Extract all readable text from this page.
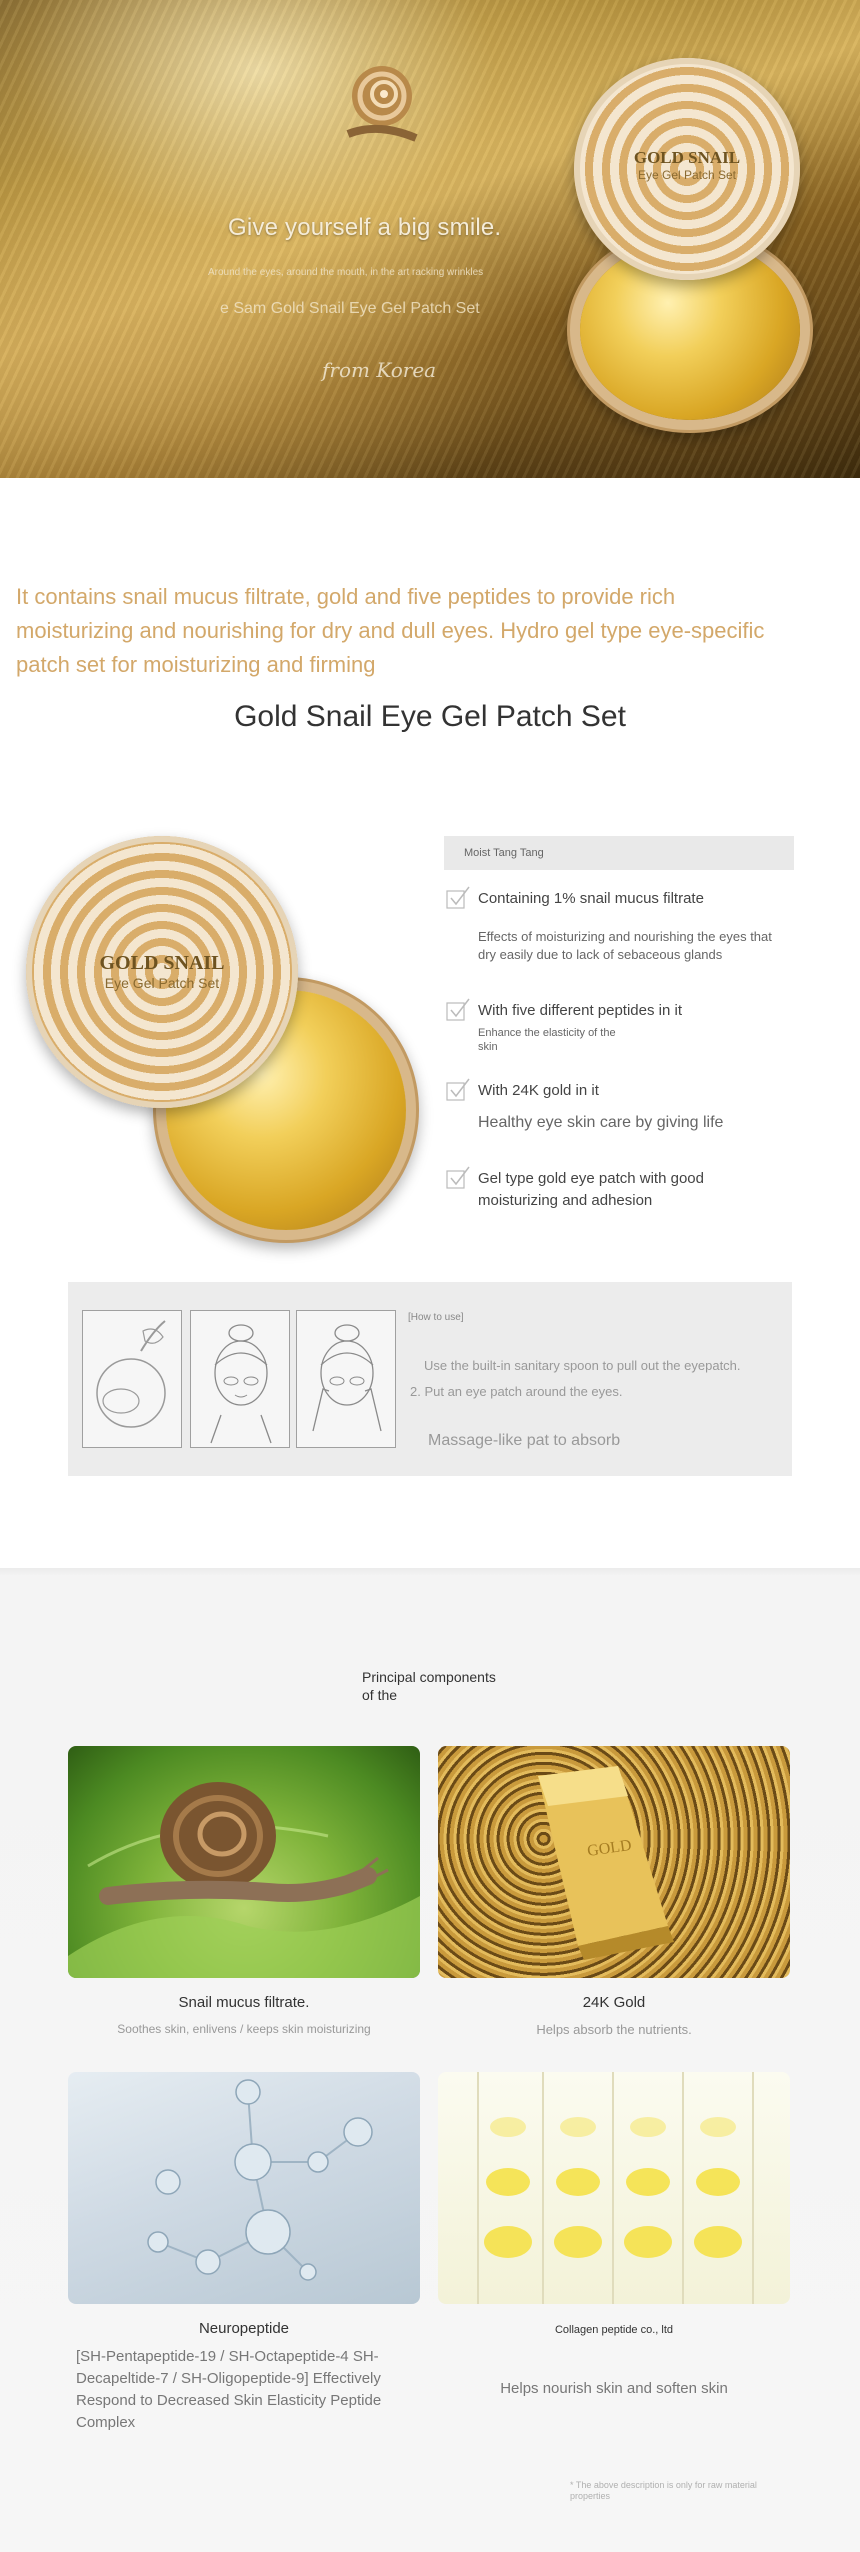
Give yourself a big smile.
Around the eyes, around the mouth, in the art racking wrinkles
e Sam Gold Snail Eye Gel Patch Set
from Korea
GOLD SNAIL
Eye Gel Patch Set
It contains snail mucus filtrate, gold and five peptides to provide rich moisturizing and nourishing for dry and dull eyes. Hydro gel type eye-specific patch set for moisturizing and firming
Gold Snail Eye Gel Patch Set
GOLD SNAIL
Eye Gel Patch Set
Moist Tang Tang
Containing 1% snail mucus filtrate
Effects of moisturizing and nourishing the eyes that dry easily due to lack of sebaceous glands
With five different peptides in it
Enhance the elasticity of the skin
With 24K gold in it
Healthy eye skin care by giving life
Gel type gold eye patch with good moisturizing and adhesion
[How to use]
Use the built-in sanitary spoon to pull out the eyepatch.
2. Put an eye patch around the eyes.
Massage-like pat to absorb
Principal components of the
Snail mucus filtrate.
Soothes skin, enlivens / keeps skin moisturizing
GOLD
24K Gold
Helps absorb the nutrients.
Neuropeptide
[SH-Pentapeptide-19 / SH-Octapeptide-4 SH-Decapeltide-7 / SH-Oligopeptide-9] Effectively Respond to Decreased Skin Elasticity Peptide Complex
Collagen peptide co., ltd
Helps nourish skin and soften skin
* The above description is only for raw material properties
